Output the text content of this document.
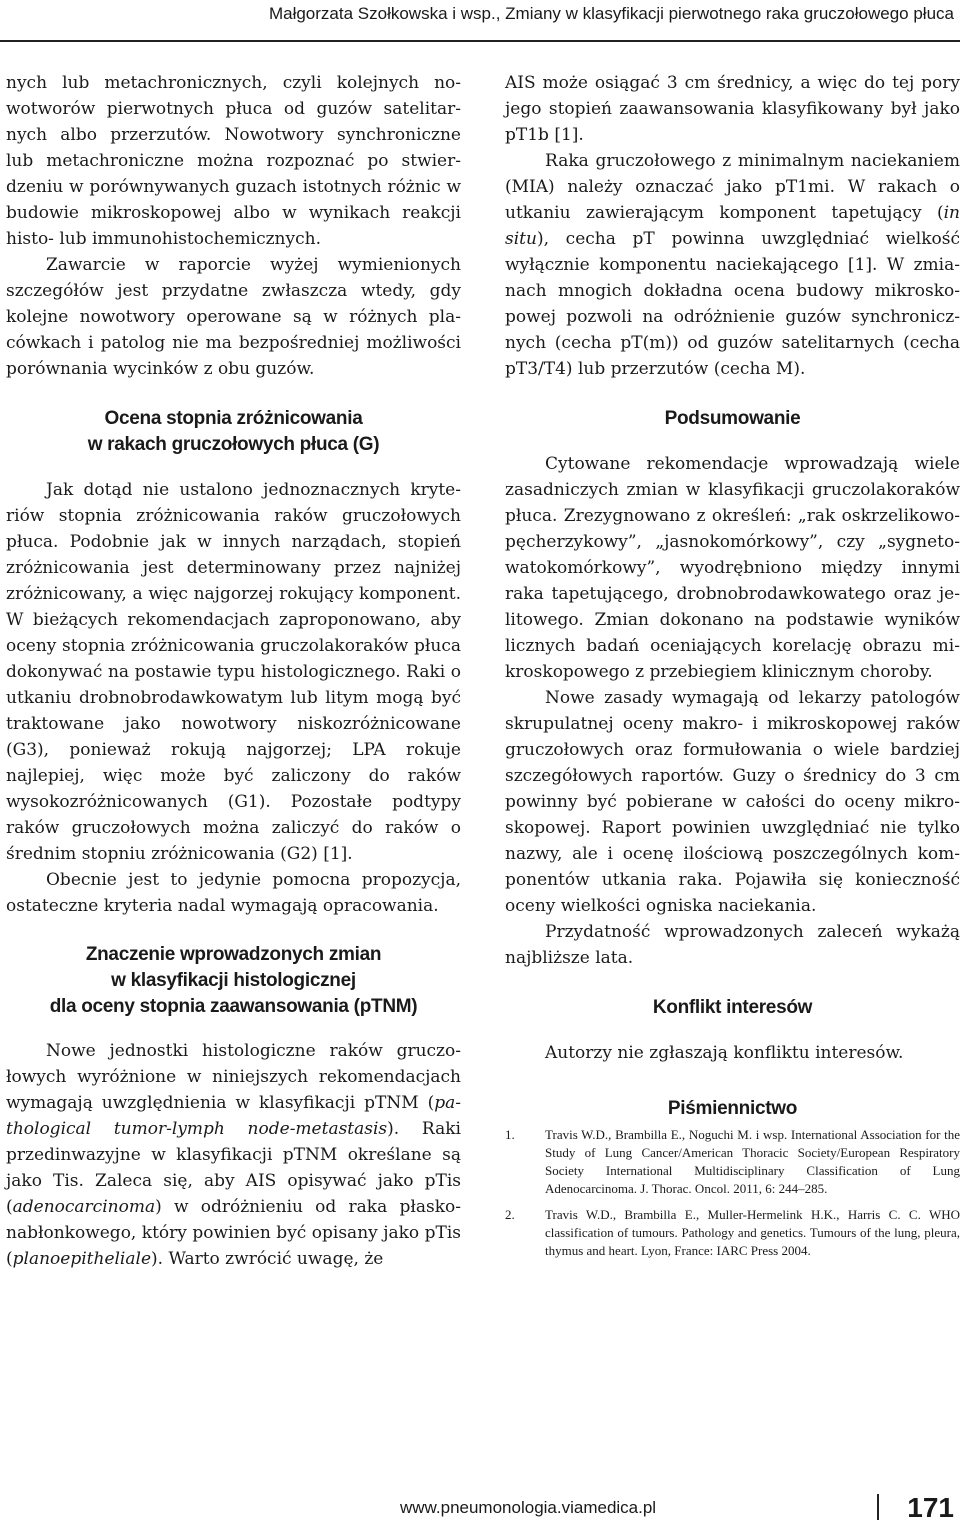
Małgorzata Szołkowska i wsp., Zmiany w klasyfikacji pierwotnego raka gruczołowego płuca

nych lub metachronicznych, czyli kolejnych nowotworów pierwotnych płuca od guzów satelitarnych albo przerzutów. Nowotwory synchroniczne lub metachroniczne można rozpoznać po stwierdzeniu w porównywanych guzach istotnych różnic w budowie mikroskopowej albo w wynikach reakcji histo- lub immunohistochemicznych.

Zawarcie w raporcie wyżej wymienionych szczegółów jest przydatne zwłaszcza wtedy, gdy kolejne nowotwory operowane są w różnych placówkach i patolog nie ma bezpośredniej możliwości porównania wycinków z obu guzów.

Ocena stopnia zróżnicowania

w rakach gruczołowych płuca (G)

Jak dotąd nie ustalono jednoznacznych kryteriów stopnia zróżnicowania raków gruczołowych płuca. Podobnie jak w innych narządach, stopień zróżnicowania jest determinowany przez najniżej zróżnicowany, a więc najgorzej rokujący komponent. W bieżących rekomendacjach zaproponowano, aby oceny stopnia zróżnicowania gruczolakoraków płuca dokonywać na postawie typu histologicznego. Raki o utkaniu drobnobrodawkowatym lub litym mogą być traktowane jako nowotwory niskozróżnicowane (G3), ponieważ rokują najgorzej; LPA rokuje najlepiej, więc może być zaliczony do raków wysokozróżnicowanych (G1). Pozostałe podtypy raków gruczołowych można zaliczyć do raków o średnim stopniu zróżnicowania (G2) [1].

Obecnie jest to jedynie pomocna propozycja, ostateczne kryteria nadal wymagają opracowania.

Znaczenie wprowadzonych zmian

w klasyfikacji histologicznej

dla oceny stopnia zaawansowania (pTNM)

Nowe jednostki histologiczne raków gruczołowych wyróżnione w niniejszych rekomendacjach wymagają uwzględnienia w klasyfikacji pTNM (pathological tumor-lymph node-metastasis). Raki przedinwazyjne w klasyfikacji pTNM określane są jako Tis. Zaleca się, aby AIS opisywać jako pTis (adenocarcinoma) w odróżnieniu od raka płaskonabłonkowego, który powinien być opisany jako pTis (planoepitheliale). Warto zwrócić uwagę, że

AIS może osiągać 3 cm średnicy, a więc do tej pory jego stopień zaawansowania klasyfikowany był jako pT1b [1].

Raka gruczołowego z minimalnym naciekaniem (MIA) należy oznaczać jako pT1mi. W rakach o utkaniu zawierającym komponent tapetujący (in situ), cecha pT powinna uwzględniać wielkość wyłącznie komponentu naciekającego [1]. W zmianach mnogich dokładna ocena budowy mikroskopowej pozwoli na odróżnienie guzów synchronicznych (cecha pT(m)) od guzów satelitarnych (cecha pT3/T4) lub przerzutów (cecha M).

Podsumowanie

Cytowane rekomendacje wprowadzają wiele zasadniczych zmian w klasyfikacji gruczolakoraków płuca. Zrezygnowano z określeń: „rak oskrzelikowopęcherzykowy”, „jasnokomórkowy”, czy „sygnetowatokomórkowy”, wyodrębniono między innymi raka tapetującego, drobnobrodawkowatego oraz jelitowego. Zmian dokonano na podstawie wyników licznych badań oceniających korelację obrazu mikroskopowego z przebiegiem klinicznym choroby.

Nowe zasady wymagają od lekarzy patologów skrupulatnej oceny makro- i mikroskopowej raków gruczołowych oraz formułowania o wiele bardziej szczegółowych raportów. Guzy o średnicy do 3 cm powinny być pobierane w całości do oceny mikroskopowej. Raport powinien uwzględniać nie tylko nazwy, ale i ocenę ilościową poszczególnych komponentów utkania raka. Pojawiła się konieczność oceny wielkości ogniska naciekania.

Przydatność wprowadzonych zaleceń wykażą najbliższe lata.

Konflikt interesów

Autorzy nie zgłaszają konfliktu interesów.

Piśmiennictwo

1. Travis W.D., Brambilla E., Noguchi M. i wsp. International Association for the Study of Lung Cancer/American Thoracic Society/European Respiratory Society International Multidisciplinary Classification of Lung Adenocarcinoma. J. Thorac. Oncol. 2011, 6: 244–285.
2. Travis W.D., Brambilla E., Muller-Hermelink H.K., Harris C. C. WHO classification of tumours. Pathology and genetics. Tumours of the lung, pleura, thymus and heart. Lyon, France: IARC Press 2004.
www.pneumonologia.viamedica.pl	171
